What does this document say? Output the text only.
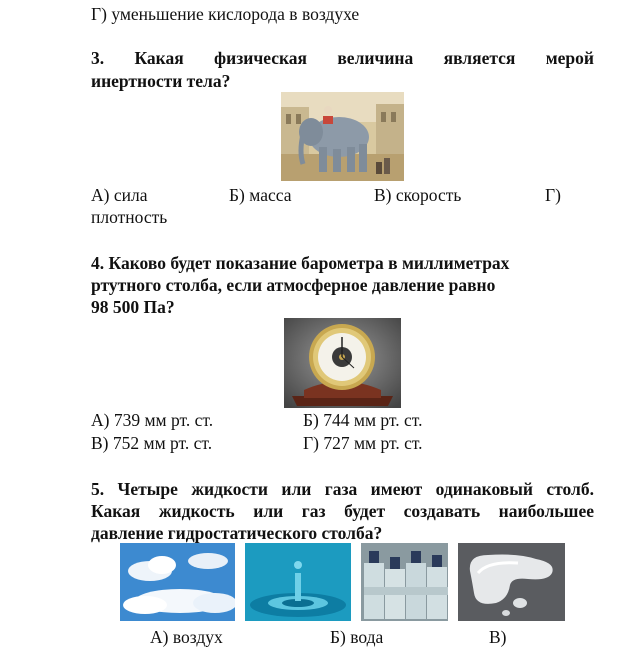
Г) уменьшение кислорода в воздухе
3. Какая физическая величина является мерой
инертности тела?
А) сила	Б) масса	В) скорость	Г)
плотность
4. Каково будет показание барометра в миллиметрах
ртутного столба, если атмосферное давление равно
98 500 Па?
А) 739 мм рт. ст.	Б) 744 мм рт. ст.
В) 752 мм рт. ст.	Г) 727 мм рт. ст.
5. Четыре жидкости или газа имеют одинаковый столб.
Какая жидкость или газ будет создавать наибольшее
давление гидростатического столба?
А) воздух	Б) вода	В)
